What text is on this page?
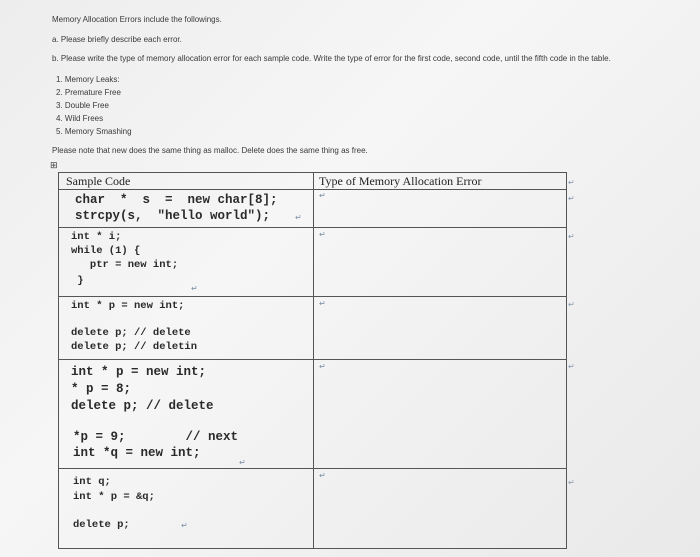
Memory Allocation Errors include the followings.
a. Please briefly describe each error.
b. Please write the type of memory allocation error for each sample code. Write the type of error for the first code, second code, until the fifth code in the table.
1. Memory Leaks:
2. Premature Free
3. Double Free
4. Wild Frees
5. Memory Smashing
Please note that new does the same thing as malloc. Delete does the same thing as free.
Sample Code	Type of Memory Allocation Error
char  *  s  =  new char[8];
strcpy(s,  "hello world");
int * i;
while (1) {
ptr = new int;
}
int * p = new int;
delete p; // delete
delete p; // deletin
int * p = new int;
* p = 8;
delete p; // delete
*p = 9;        // next
int *q = new int;
int q;
int * p = &q;
delete p;
↵
↵
↵
↵
↵
↵
↵
↵
↵
↵
↵
↵
↵
↵
↵
⊞
